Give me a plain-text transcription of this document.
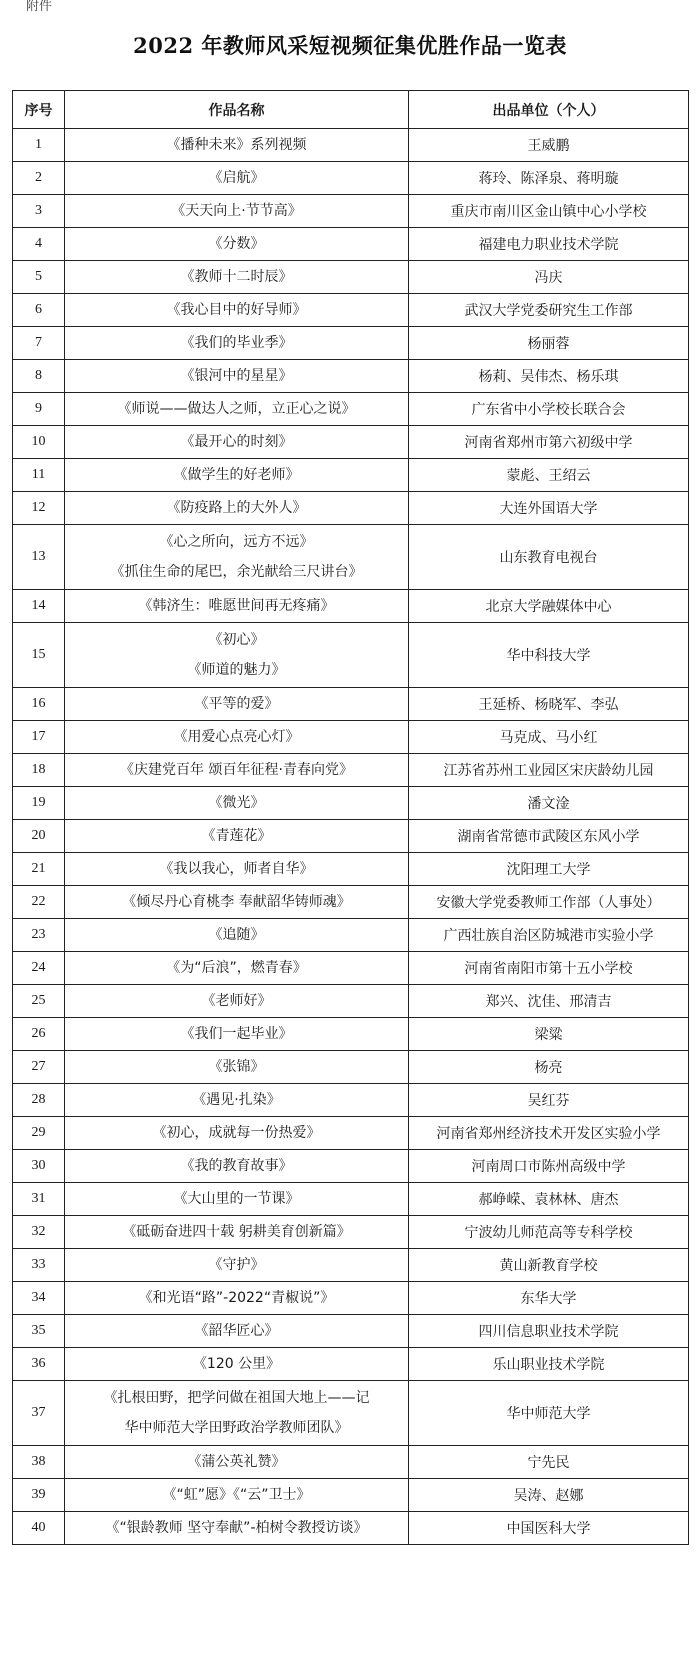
附件
2022 年教师风采短视频征集优胜作品一览表
序号	作品名称	出品单位（个人）
1	《播种未来》系列视频	王威鹏
2	《启航》	蒋玲、陈泽泉、蒋明璇
3	《天天向上·节节高》	重庆市南川区金山镇中心小学校
4	《分数》	福建电力职业技术学院
5	《教师十二时辰》	冯庆
6	《我心目中的好导师》	武汉大学党委研究生工作部
7	《我们的毕业季》	杨丽蓉
8	《银河中的星星》	杨莉、吴伟杰、杨乐琪
9	《师说——做达人之师，立正心之说》	广东省中小学校长联合会
10	《最开心的时刻》	河南省郑州市第六初级中学
11	《做学生的好老师》	蒙彪、王绍云
12	《防疫路上的大外人》	大连外国语大学
13	《心之所向，远方不远》
《抓住生命的尾巴，余光献给三尺讲台》	山东教育电视台
14	《韩济生：唯愿世间再无疼痛》	北京大学融媒体中心
15	《初心》
《师道的魅力》	华中科技大学
16	《平等的爱》	王延桥、杨晓军、李弘
17	《用爱心点亮心灯》	马克成、马小红
18	《庆建党百年 颂百年征程·青春向党》	江苏省苏州工业园区宋庆龄幼儿园
19	《微光》	潘文淦
20	《青莲花》	湖南省常德市武陵区东风小学
21	《我以我心，师者自华》	沈阳理工大学
22	《倾尽丹心育桃李 奉献韶华铸师魂》	安徽大学党委教师工作部（人事处）
23	《追随》	广西壮族自治区防城港市实验小学
24	《为“后浪”，燃青春》	河南省南阳市第十五小学校
25	《老师好》	郑兴、沈佳、邢清吉
26	《我们一起毕业》	梁粱
27	《张锦》	杨亮
28	《遇见·扎染》	吴红芬
29	《初心，成就每一份热爱》	河南省郑州经济技术开发区实验小学
30	《我的教育故事》	河南周口市陈州高级中学
31	《大山里的一节课》	郝峥嵘、袁林林、唐杰
32	《砥砺奋进四十载 躬耕美育创新篇》	宁波幼儿师范高等专科学校
33	《守护》	黄山新教育学校
34	《和光语“路”-2022“青椒说”》	东华大学
35	《韶华匠心》	四川信息职业技术学院
36	《120 公里》	乐山职业技术学院
37	《扎根田野，把学问做在祖国大地上——记
华中师范大学田野政治学教师团队》	华中师范大学
38	《蒲公英礼赞》	宁先民
39	《“虹”愿》《“云”卫士》	吴涛、赵娜
40	《“银龄教师 坚守奉献”-柏树令教授访谈》	中国医科大学
